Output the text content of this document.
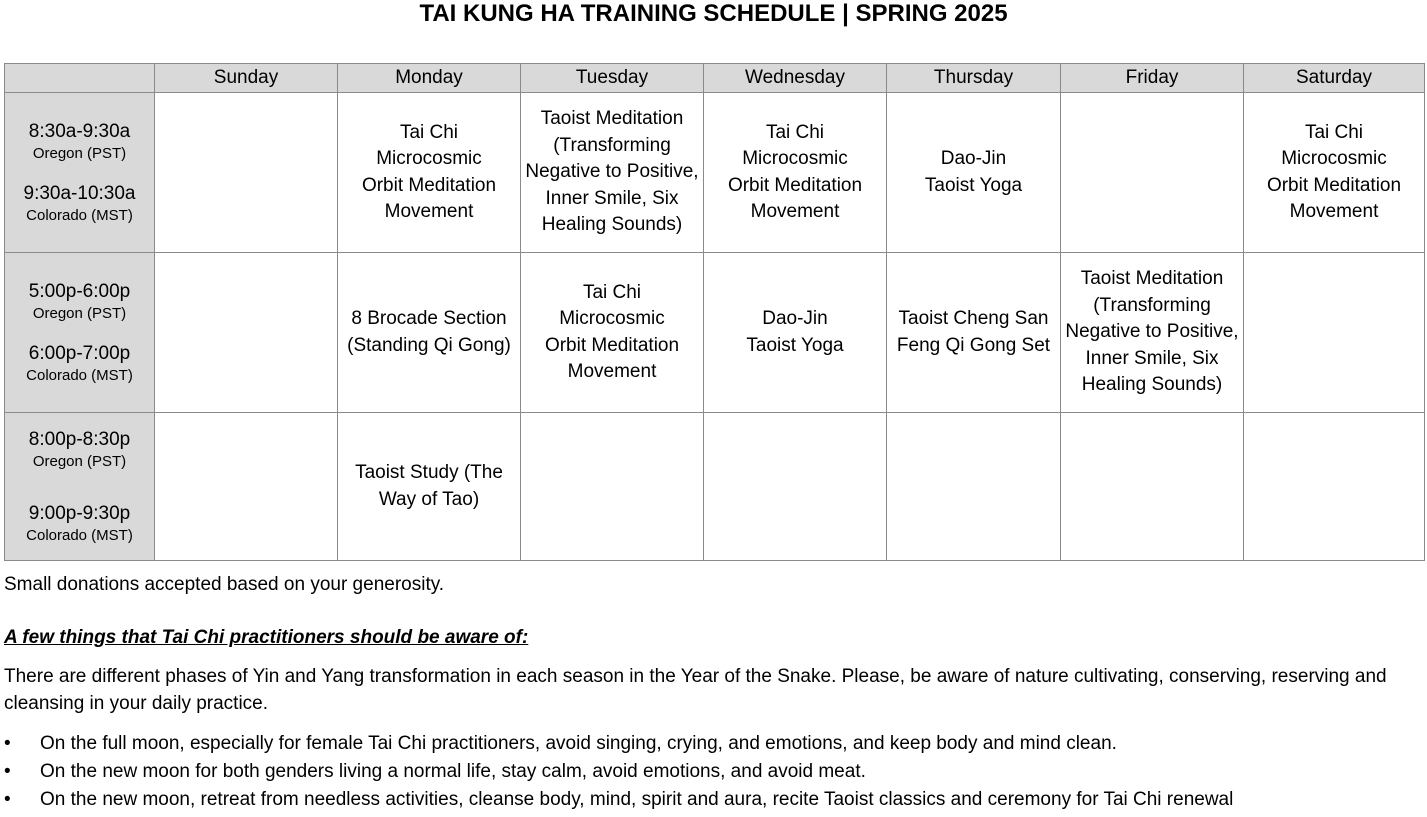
TAI KUNG HA TRAINING SCHEDULE | SPRING 2025
	Sunday	Monday	Tuesday	Wednesday	Thursday	Friday	Saturday

8:30a-9:30a
Oregon (PST)
9:30a-10:30a
Colorado (MST)		Tai Chi Microcosmic Orbit Meditation Movement	Taoist Meditation (Transforming Negative to Positive, Inner Smile, Six Healing Sounds)	Tai Chi Microcosmic Orbit Meditation Movement	Dao-Jin Taoist Yoga		Tai Chi Microcosmic Orbit Meditation Movement

5:00p-6:00p
Oregon (PST)
6:00p-7:00p
Colorado (MST)		8 Brocade Section (Standing Qi Gong)	Tai Chi Microcosmic Orbit Meditation Movement	Dao-Jin Taoist Yoga	Taoist Cheng San Feng Qi Gong Set	Taoist Meditation (Transforming Negative to Positive, Inner Smile, Six Healing Sounds)	

8:00p-8:30p
Oregon (PST)
9:00p-9:30p
Colorado (MST)		Taoist Study (The Way of Tao)					

Small donations accepted based on your generosity.
A few things that Tai Chi practitioners should be aware of:
There are different phases of Yin and Yang transformation in each season in the Year of the Snake. Please, be aware of nature cultivating, conserving, reserving and cleansing in your daily practice.
• On the full moon, especially for female Tai Chi practitioners, avoid singing, crying, and emotions, and keep body and mind clean.
• On the new moon for both genders living a normal life, stay calm, avoid emotions, and avoid meat.
• On the new moon, retreat from needless activities, cleanse body, mind, spirit and aura, recite Taoist classics and ceremony for Tai Chi renewal
